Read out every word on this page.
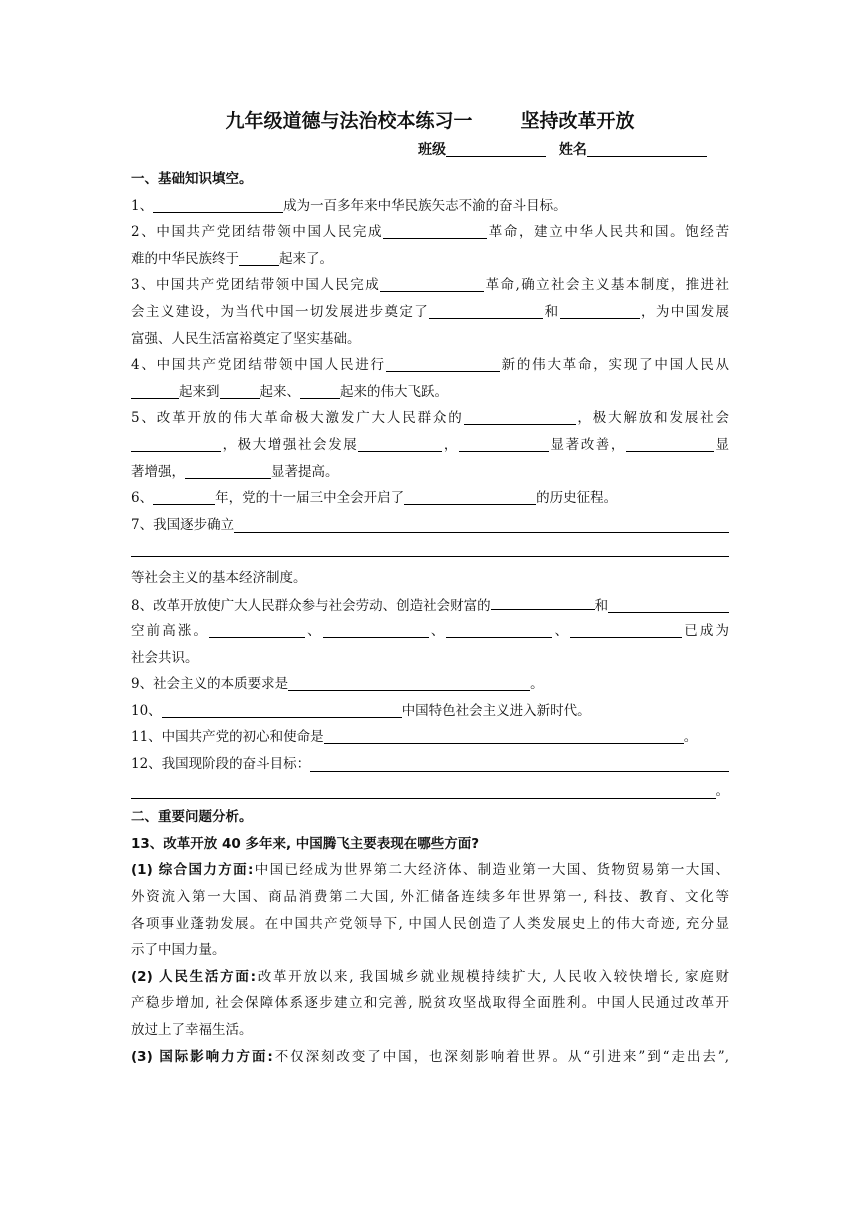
九年级道德与法治校本练习一	坚持改革开放
班级	姓名
一、基础知识填空。
1、	成为一百多年来中华民族矢志不渝的奋斗目标。
2、中国共产党团结带领中国人民完成	革命，建立中华人民共和国。饱经苦
难的中华民族终于	起来了。
3、中国共产党团结带领中国人民完成	革命,确立社会主义基本制度，推进社
会主义建设，为当代中国一切发展进步奠定了	和	，为中国发展
富强、人民生活富裕奠定了坚实基础。
4、中国共产党团结带领中国人民进行	新的伟大革命，实现了中国人民从
起来到	起来、	起来的伟大飞跃。
5、改革开放的伟大革命极大激发广大人民群众的	，极大解放和发展社会
，极大增强社会发展	，	显著改善，	显
著增强，	显著提高。
6、	年，党的十一届三中全会开启了	的历史征程。
7、我国逐步确立
等社会主义的基本经济制度。
8、改革开放使广大人民群众参与社会劳动、创造社会财富的	和
空前高涨。	、	、	、	已成为
社会共识。
9、社会主义的本质要求是	。
10、	中国特色社会主义进入新时代。
11、中国共产党的初心和使命是	。
12、我国现阶段的奋斗目标：
。
二、重要问题分析。
13、改革开放 40 多年来, 中国腾飞主要表现在哪些方面?
(1) 综合国力方面:中国已经成为世界第二大经济体、制造业第一大国、货物贸易第一大国、
外资流入第一大国、商品消费第二大国, 外汇储备连续多年世界第一, 科技、教育、文化等
各项事业蓬勃发展。在中国共产党领导下, 中国人民创造了人类发展史上的伟大奇迹, 充分显
示了中国力量。
(2) 人民生活方面:改革开放以来, 我国城乡就业规模持续扩大, 人民收入较快增长, 家庭财
产稳步增加, 社会保障体系逐步建立和完善, 脱贫攻坚战取得全面胜利。中国人民通过改革开
放过上了幸福生活。
(3) 国际影响力方面:不仅深刻改变了中国，也深刻影响着世界。从“引进来”到“走出去”,
